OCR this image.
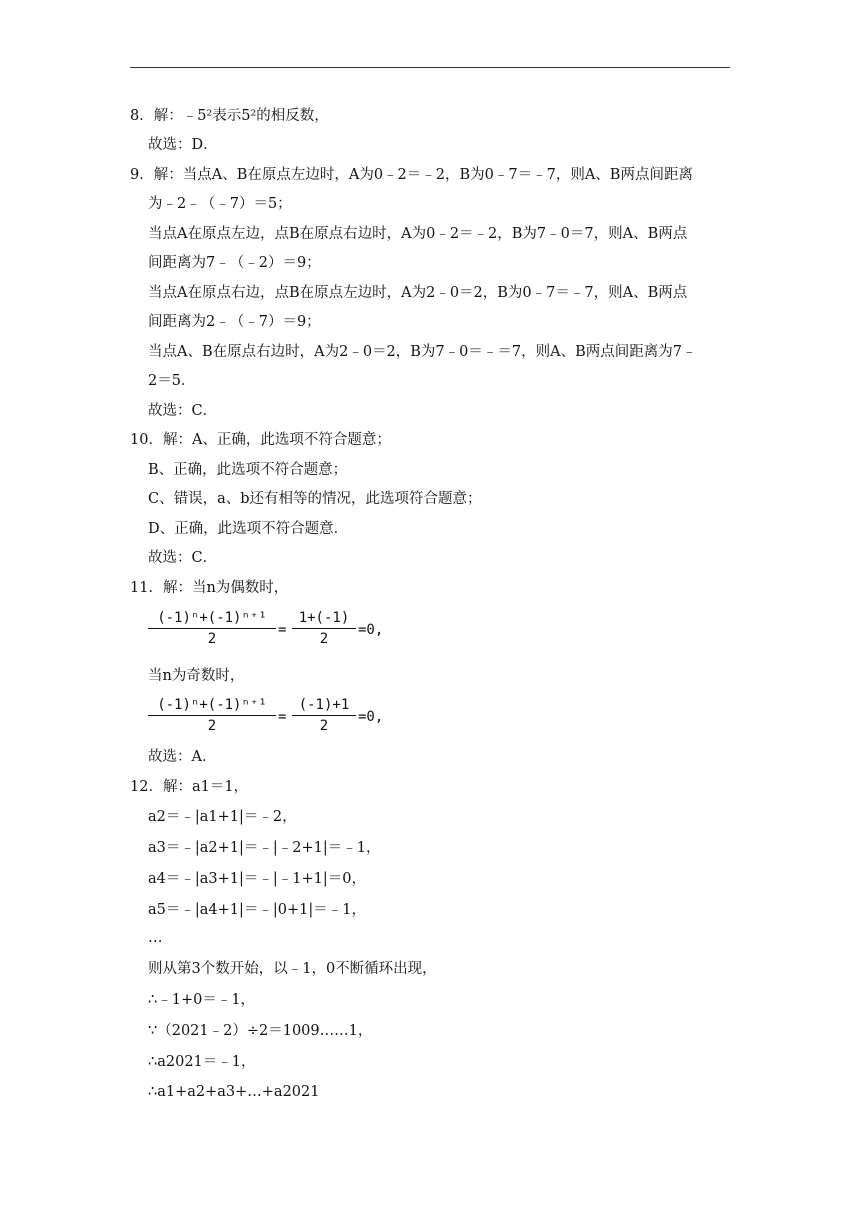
8．解：﹣5²表示5²的相反数，
故选：D．
9．解：当点A、B在原点左边时，A为0﹣2＝﹣2，B为0﹣7＝﹣7，则A、B两点间距离
为﹣2﹣（﹣7）＝5；
当点A在原点左边，点B在原点右边时，A为0﹣2＝﹣2，B为7﹣0＝7，则A、B两点
间距离为7﹣（﹣2）＝9；
当点A在原点右边，点B在原点左边时，A为2﹣0＝2，B为0﹣7＝﹣7，则A、B两点
间距离为2﹣（﹣7）＝9；
当点A、B在原点右边时，A为2﹣0＝2，B为7﹣0＝﹣＝7，则A、B两点间距离为7﹣
2＝5．
故选：C．
10．解：A、正确，此选项不符合题意；
B、正确，此选项不符合题意；
C、错误，a、b还有相等的情况，此选项符合题意；
D、正确，此选项不符合题意．
故选：C．
11．解：当n为偶数时，
(-1)ⁿ+(-1)ⁿ⁺¹
2
=
1+(-1)
2
=0,
当n为奇数时，
(-1)ⁿ+(-1)ⁿ⁺¹
2
=
(-1)+1
2
=0,
故选：A．
12．解：a1＝1，
a2＝﹣|a1+1|＝﹣2，
a3＝﹣|a2+1|＝﹣|﹣2+1|＝﹣1，
a4＝﹣|a3+1|＝﹣|﹣1+1|＝0，
a5＝﹣|a4+1|＝﹣|0+1|＝﹣1，
…
则从第3个数开始，以﹣1，0不断循环出现，
∴﹣1+0＝﹣1，
∵（2021﹣2）÷2＝1009……1，
∴a2021＝﹣1，
∴a1+a2+a3+…+a2021
